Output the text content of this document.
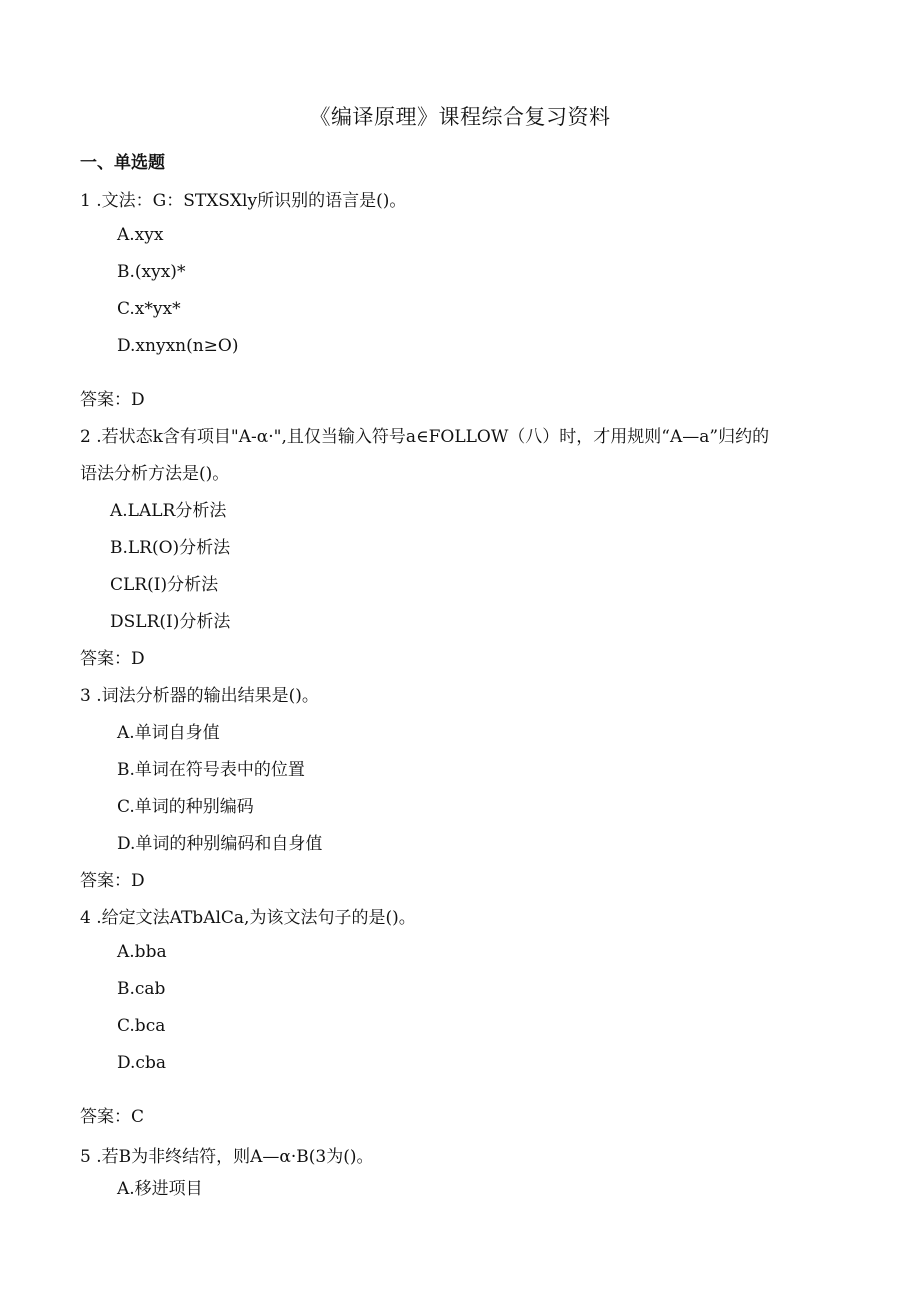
《编译原理》课程综合复习资料
一、单选题
1 .文法：G：STXSXly所识别的语言是()。
A.xyx
B.(xyx)*
C.x*yx*
D.xnyxn(n≥O)
答案：D
2 .若状态k含有项目"A-α·",且仅当输入符号a∈FOLLOW（八）时，才用规则“A—a”归约的
语法分析方法是()。
A.LALR分析法
B.LR(O)分析法
CLR(I)分析法
DSLR(I)分析法
答案：D
3 .词法分析器的输出结果是()。
A.单词自身值
B.单词在符号表中的位置
C.单词的种别编码
D.单词的种别编码和自身值
答案：D
4 .给定文法ATbAlCa,为该文法句子的是()。
A.bba
B.cab
C.bca
D.cba
答案：C
5 .若B为非终结符，则A—α·B(3为()。
A.移进项目
